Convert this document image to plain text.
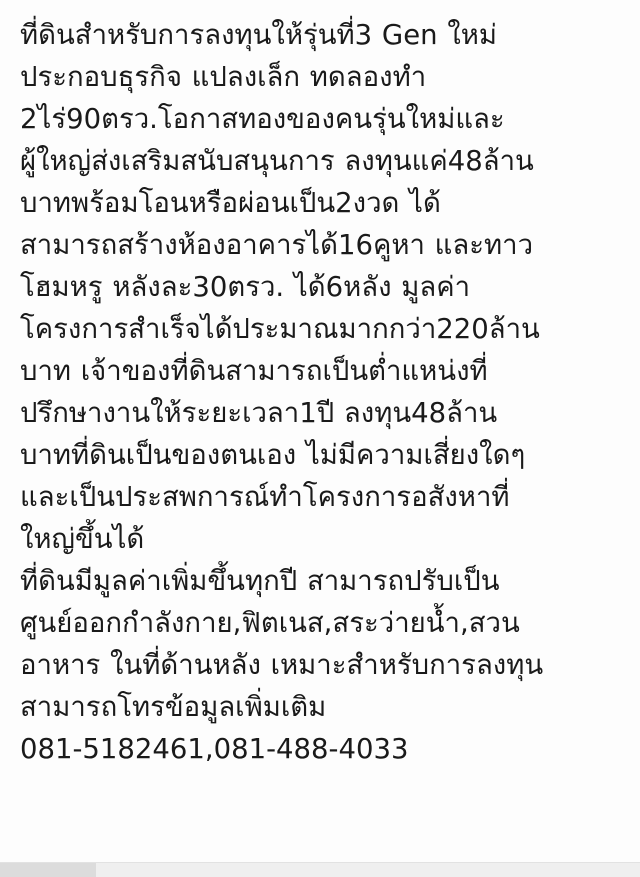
ที่ดินสำหรับการลงทุนให้รุ่นที่3 Gen ใหม่
ประกอบธุรกิจ แปลงเล็ก ทดลองทำ
2ไร่90ตรว.โอกาสทองของคนรุ่นใหม่และ
ผู้ใหญ่ส่งเสริมสนับสนุนการ ลงทุนแค่48ล้าน
บาทพร้อมโอนหรือผ่อนเป็น2งวด ได้
สามารถสร้างห้องอาคารได้16คูหา และทาว
โฮมหรู หลังละ30ตรว. ได้6หลัง มูลค่า
โครงการสำเร็จได้ประมาณมากกว่า220ล้าน
บาท เจ้าของที่ดินสามารถเป็นต่ำแหน่งที่
ปรึกษางานให้ระยะเวลา1ปี ลงทุน48ล้าน
บาทที่ดินเป็นของตนเอง ไม่มีความเสี่ยงใดๆ
และเป็นประสพการณ์ทำโครงการอสังหาที่
ใหญ่ขึ้นได้

ที่ดินมีมูลค่าเพิ่มขึ้นทุกปี สามารถปรับเป็น
ศูนย์ออกกำลังกาย,ฟิตเนส,สระว่ายน้ำ,สวน
อาหาร ในที่ด้านหลัง เหมาะสำหรับการลงทุน
สามารถโทรข้อมูลเพิ่มเติม
081-5182461,081-488-4033
